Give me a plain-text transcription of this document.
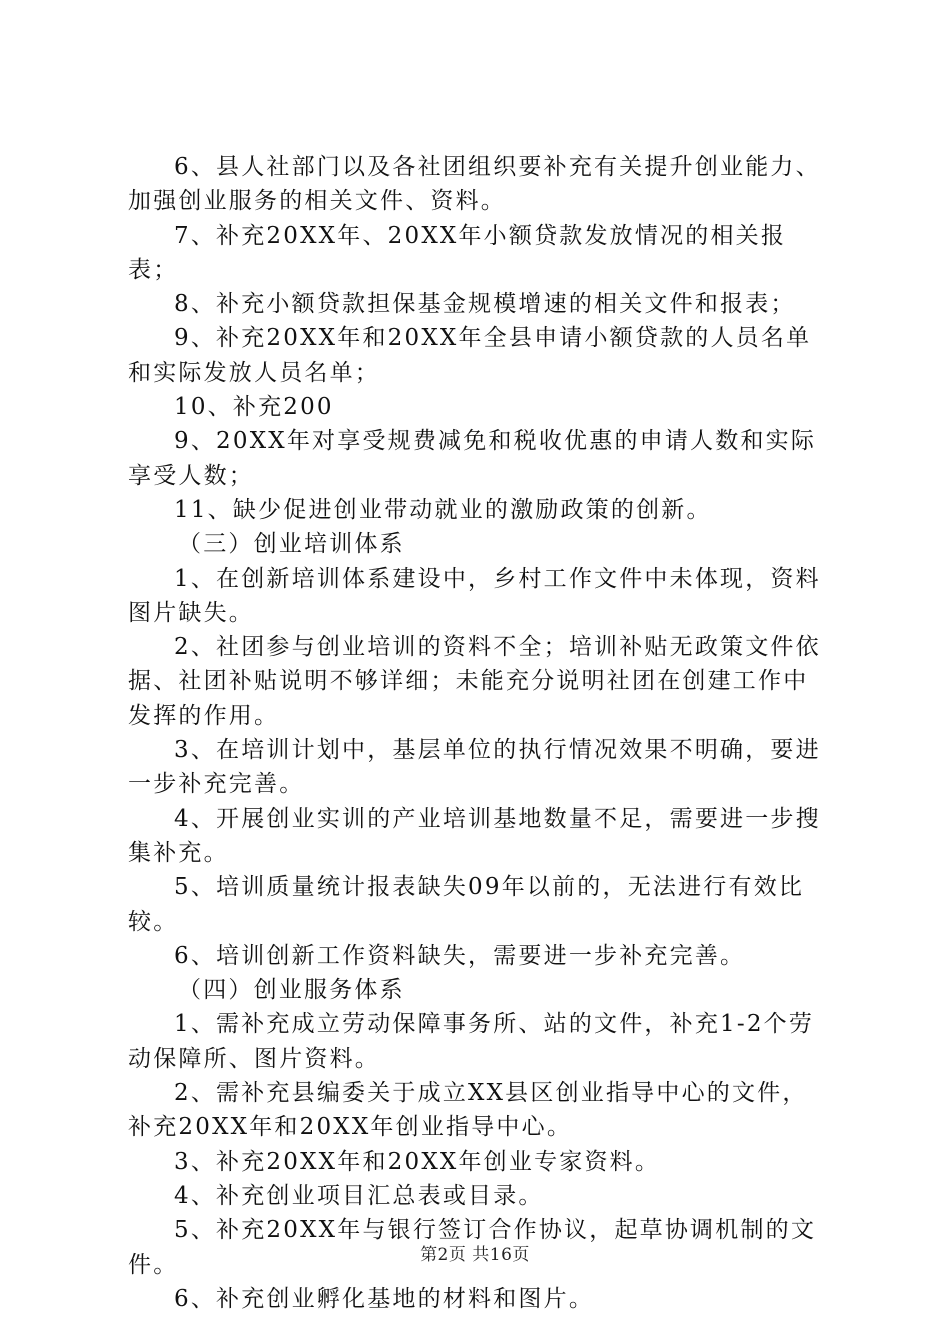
6、县人社部门以及各社团组织要补充有关提升创业能力、加强创业服务的相关文件、资料。

7、补充20XX年、20XX年小额贷款发放情况的相关报表；

8、补充小额贷款担保基金规模增速的相关文件和报表；

9、补充20XX年和20XX年全县申请小额贷款的人员名单和实际发放人员名单；

10、补充200

9、20XX年对享受规费减免和税收优惠的申请人数和实际享受人数；

11、缺少促进创业带动就业的激励政策的创新。

（三）创业培训体系

1、在创新培训体系建设中，乡村工作文件中未体现，资料图片缺失。

2、社团参与创业培训的资料不全；培训补贴无政策文件依据、社团补贴说明不够详细；未能充分说明社团在创建工作中发挥的作用。

3、在培训计划中，基层单位的执行情况效果不明确，要进一步补充完善。

4、开展创业实训的产业培训基地数量不足，需要进一步搜集补充。

5、培训质量统计报表缺失09年以前的，无法进行有效比较。

6、培训创新工作资料缺失，需要进一步补充完善。

（四）创业服务体系

1、需补充成立劳动保障事务所、站的文件，补充1-2个劳动保障所、图片资料。

2、需补充县编委关于成立XX县区创业指导中心的文件，补充20XX年和20XX年创业指导中心。

3、补充20XX年和20XX年创业专家资料。

4、补充创业项目汇总表或目录。

5、补充20XX年与银行签订合作协议，起草协调机制的文件。

6、补充创业孵化基地的材料和图片。

第2页 共16页
